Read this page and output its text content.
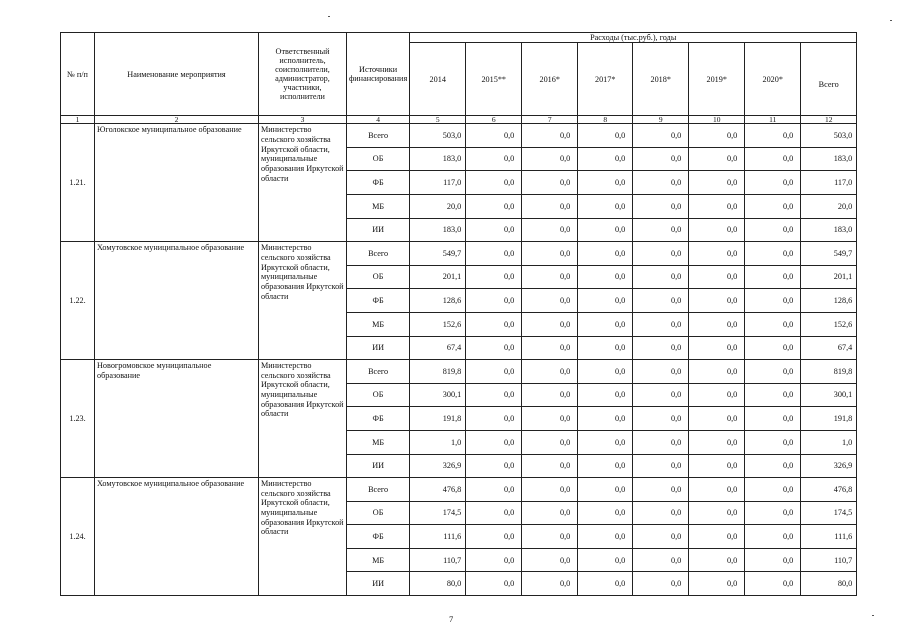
№ п/п	Наименование мероприятия	Ответственный исполнитель, соисполнители, администратор, участники, исполнители	Источники финансирования	Расходы (тыс.руб.), годы							
				2014	2015**	2016*	2017*	2018*	2019*	2020*	Всего
1	2	3	4	5	6	7	8	9	10	11	12
1.21.	Юголокское муниципальное образование	Министерство сельского хозяйства Иркутской области, муниципальные образования Иркутской области	Всего	503,0	0,0	0,0	0,0	0,0	0,0	0,0	503,0
			ОБ	183,0	0,0	0,0	0,0	0,0	0,0	0,0	183,0
			ФБ	117,0	0,0	0,0	0,0	0,0	0,0	0,0	117,0
			МБ	20,0	0,0	0,0	0,0	0,0	0,0	0,0	20,0
			ИИ	183,0	0,0	0,0	0,0	0,0	0,0	0,0	183,0
1.22.	Хомутовское муниципальное образование	Министерство сельского хозяйства Иркутской области, муниципальные образования Иркутской области	Всего	549,7	0,0	0,0	0,0	0,0	0,0	0,0	549,7
			ОБ	201,1	0,0	0,0	0,0	0,0	0,0	0,0	201,1
			ФБ	128,6	0,0	0,0	0,0	0,0	0,0	0,0	128,6
			МБ	152,6	0,0	0,0	0,0	0,0	0,0	0,0	152,6
			ИИ	67,4	0,0	0,0	0,0	0,0	0,0	0,0	67,4
1.23.	Новогромовское муниципальное образование	Министерство сельского хозяйства Иркутской области, муниципальные образования Иркутской области	Всего	819,8	0,0	0,0	0,0	0,0	0,0	0,0	819,8
			ОБ	300,1	0,0	0,0	0,0	0,0	0,0	0,0	300,1
			ФБ	191,8	0,0	0,0	0,0	0,0	0,0	0,0	191,8
			МБ	1,0	0,0	0,0	0,0	0,0	0,0	0,0	1,0
			ИИ	326,9	0,0	0,0	0,0	0,0	0,0	0,0	326,9
1.24.	Хомутовское муниципальное образование	Министерство сельского хозяйства Иркутской области, муниципальные образования Иркутской области	Всего	476,8	0,0	0,0	0,0	0,0	0,0	0,0	476,8
			ОБ	174,5	0,0	0,0	0,0	0,0	0,0	0,0	174,5
			ФБ	111,6	0,0	0,0	0,0	0,0	0,0	0,0	111,6
			МБ	110,7	0,0	0,0	0,0	0,0	0,0	0,0	110,7
			ИИ	80,0	0,0	0,0	0,0	0,0	0,0	0,0	80,0
7
